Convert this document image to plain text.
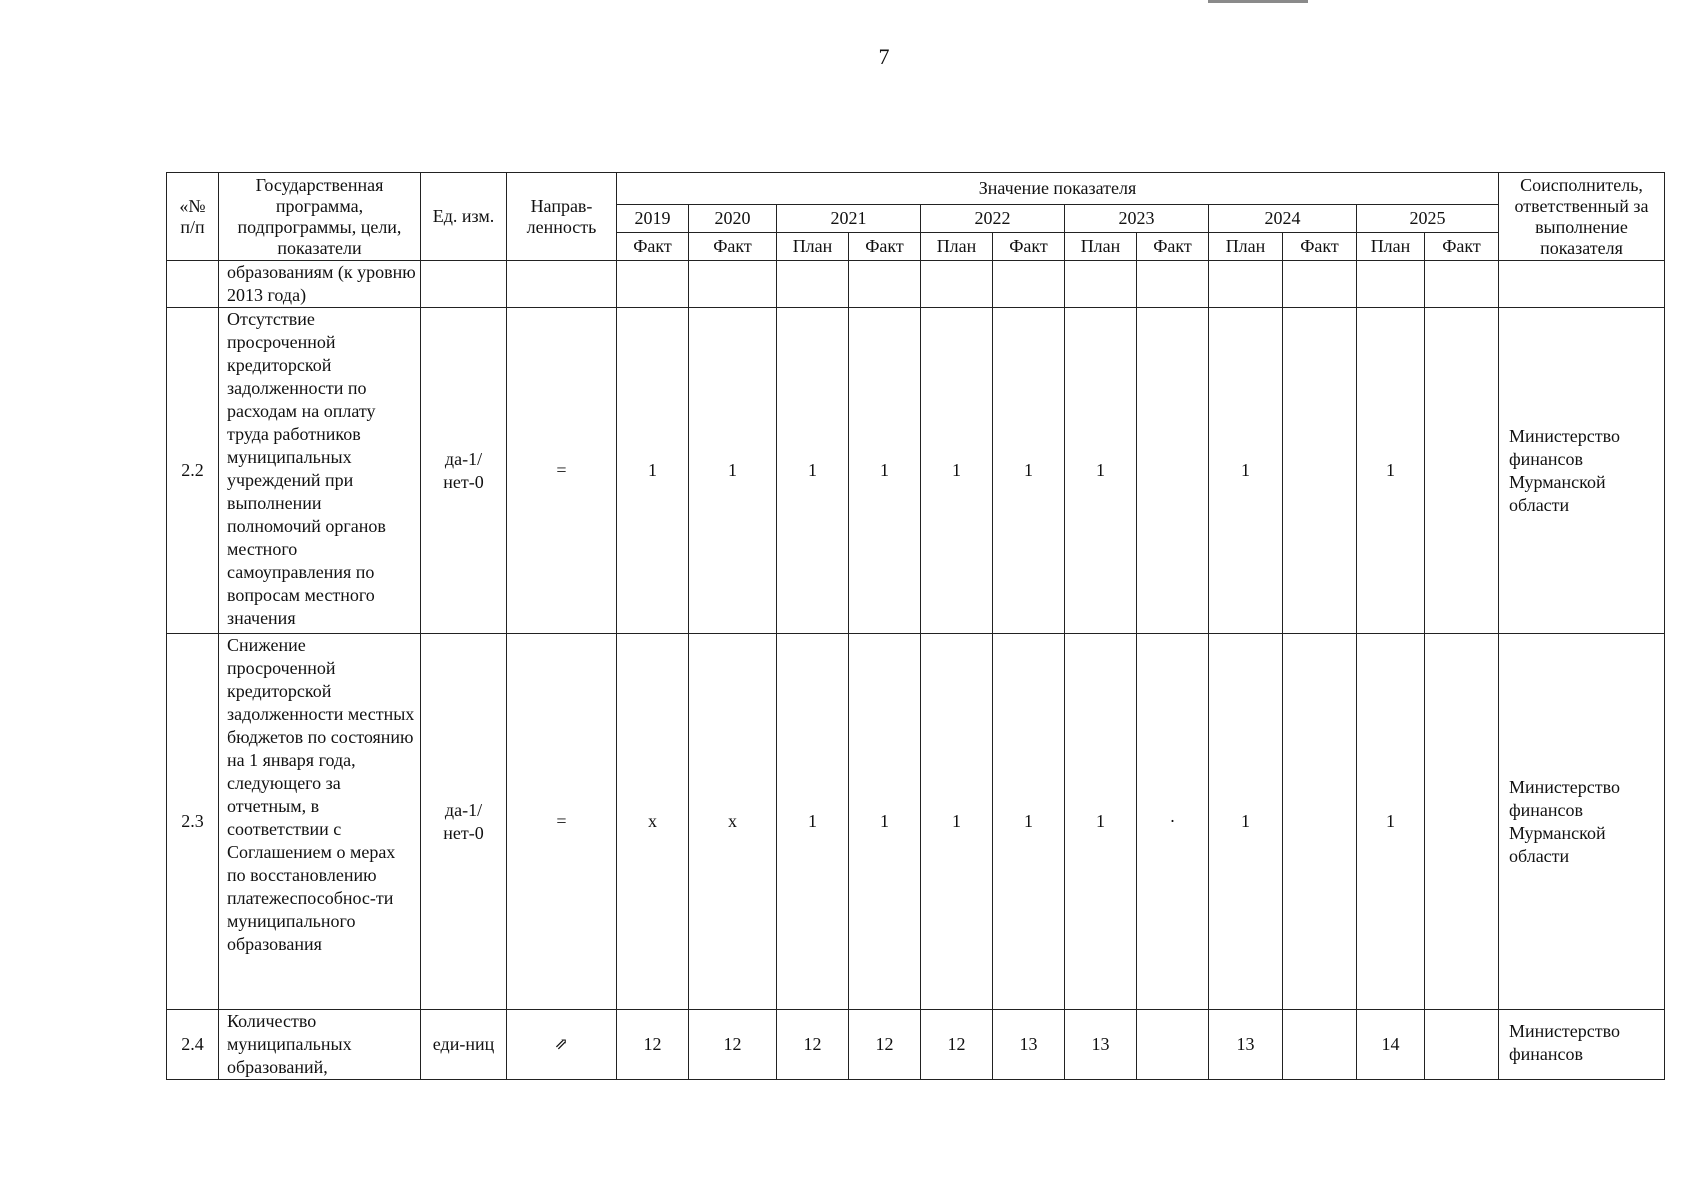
7
«№ п/п	Государственная программа, подпрограммы, цели, показатели	Ед. изм.	Направ-ленность	Значение показателя												Соисполнитель, ответственный за выполнение показателя
				2019	2020	2021		2022		2023		2024		2025		
				Факт	Факт	План	Факт	План	Факт	План	Факт	План	Факт	План	Факт	
	образованиям (к уровню 2013 года)															
2.2	Отсутствие просроченной кредиторской задолженности по расходам на оплату труда работников муниципальных учреждений при выполнении полномочий органов местного самоуправления по вопросам местного значения	да-1/нет-0	=	1	1	1	1	1	1	1		1		1		Министерство финансов Мурманской области
2.3	Снижение просроченной кредиторской задолженности местных бюджетов по состоянию на 1 января года, следующего за отчетным, в соответствии с Соглашением о мерах по восстановлению платежеспособнос-ти муниципального образования	да-1/нет-0	=	x	x	1	1	1	1	1	·	1		1		Министерство финансов Мурманской области
2.4	Количество муниципальных образований,	еди-ниц	⇗	12	12	12	12	12	13	13		13		14		Министерство финансов
